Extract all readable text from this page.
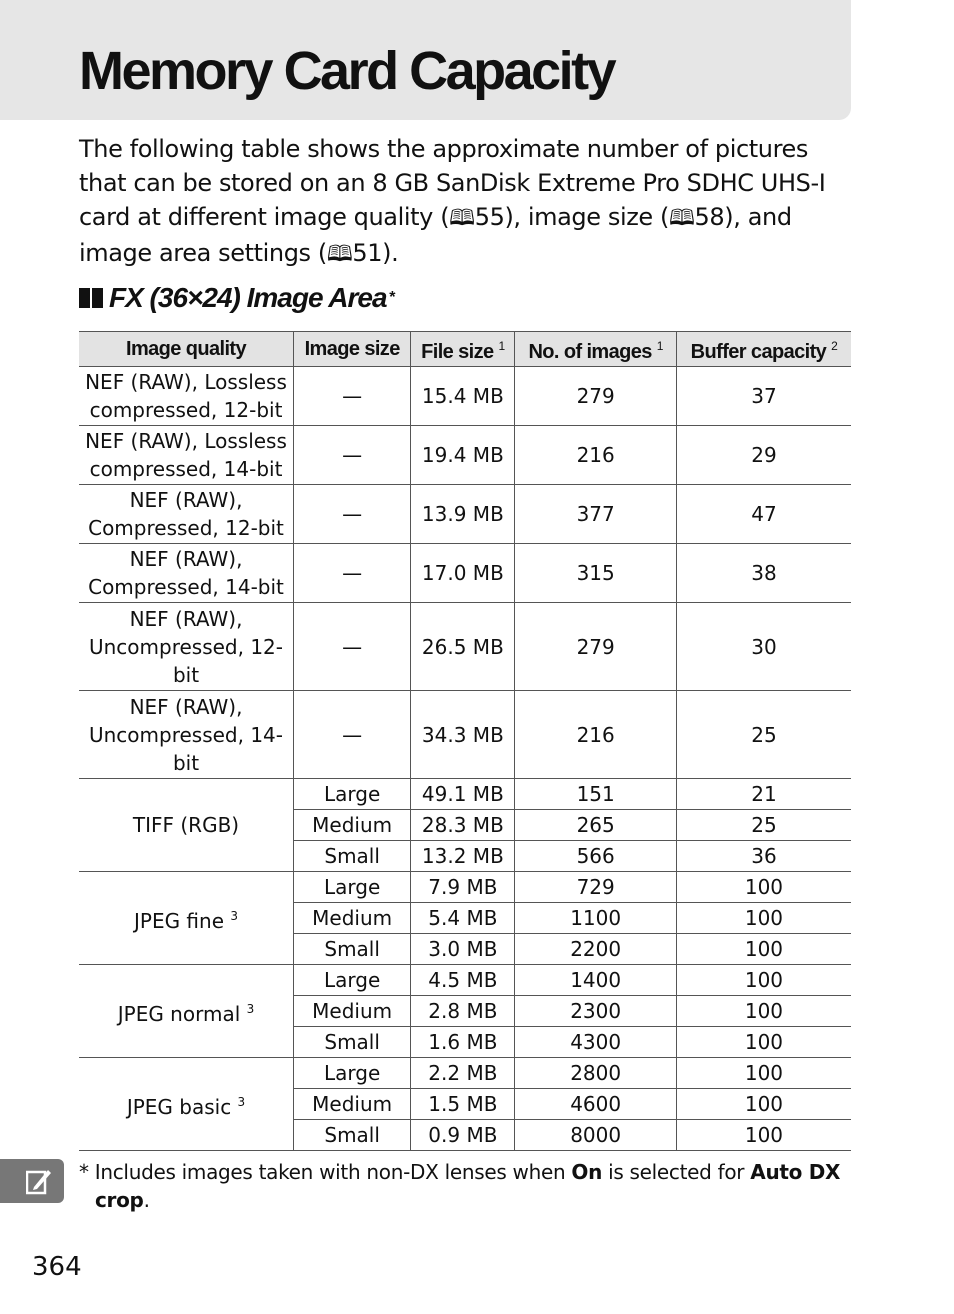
Memory Card Capacity

The following table shows the approximate number of pictures that can be stored on an 8 GB SanDisk Extreme Pro SDHC UHS-I card at different image quality (🕮55), image size (🕮58), and image area settings (🕮51).

FX (36×24) Image Area *
Image quality	Image size	File size $^1$	No. of images $^1$	Buffer capacity $^2$
NEF (RAW), Lossless compressed, 12-bit	—	15.4 MB	279	37
NEF (RAW), Lossless compressed, 14-bit	—	19.4 MB	216	29
NEF (RAW), Compressed, 12-bit	—	13.9 MB	377	47
NEF (RAW), Compressed, 14-bit	—	17.0 MB	315	38
NEF (RAW), Uncompressed, 12-bit	—	26.5 MB	279	30
NEF (RAW), Uncompressed, 14-bit	—	34.3 MB	216	25
TIFF (RGB)	Large	49.1 MB	151	21
	Medium	28.3 MB	265	25
	Small	13.2 MB	566	36
JPEG fine $^3$	Large	7.9 MB	729	100
	Medium	5.4 MB	1100	100
	Small	3.0 MB	2200	100
JPEG normal $^3$	Large	4.5 MB	1400	100
	Medium	2.8 MB	2300	100
	Small	1.6 MB	4300	100
JPEG basic $^3$	Large	2.2 MB	2800	100
	Medium	1.5 MB	4600	100
	Small	0.9 MB	8000	100

* Includes images taken with non-DX lenses when On is selected for Auto DX crop.

364
